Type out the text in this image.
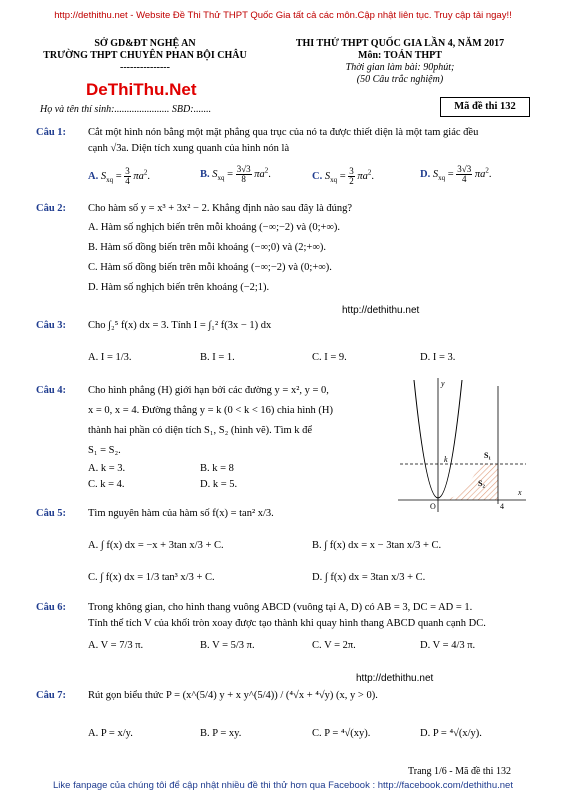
http://dethithu.net - Website Đề Thi Thử THPT Quốc Gia tất cả các môn.Cập nhật liên tục. Truy cập tải ngay!!
SỞ GD&ĐT NGHỆ AN
TRƯỜNG THPT CHUYÊN PHAN BỘI CHÂU
---------------
THI THỬ THPT QUỐC GIA LẦN 4, NĂM 2017
Môn: TOÁN THPT
Thời gian làm bài: 90phút;
(50 Câu trắc nghiệm)
DeThiThu.Net
Họ và tên thí sinh:...................... SBD:.......	Mã đề thi 132
Câu 1: Cắt một hình nón bằng một mặt phẳng qua trục của nó ta được thiết diện là một tam giác đều
cạnh √3a. Diện tích xung quanh của hình nón là
A. $S_{xq} = \frac{3}{4} \pi a^2$.	B. $S_{xq} = \frac{3√3}{8} \pi a^2$.	C. $S_{xq} = \frac{3}{2} \pi a^2$.	D. $S_{xq} = \frac{3√3}{4} \pi a^2$.
Câu 2: Cho hàm số y = x³ + 3x² − 2. Khẳng định nào sau đây là đúng?
A. Hàm số nghịch biến trên mỗi khoảng (−∞;−2) và (0;+∞).
B. Hàm số đồng biến trên mỗi khoảng (−∞;0) và (2;+∞).
C. Hàm số đồng biến trên mỗi khoảng (−∞;−2) và (0;+∞).
D. Hàm số nghịch biến trên khoảng (−2;1).
http://dethithu.net
Câu 3: Cho ∫₂⁵ f(x) dx = 3. Tính I = ∫₁² f(3x − 1) dx
A. I = 1/3.	B. I = 1.	C. I = 9.	D. I = 3.
Câu 4: Cho hình phẳng (H) giới hạn bởi các đường y = x², y = 0,
x = 0, x = 4. Đường thẳng y = k (0 < k < 16) chia hình (H)
thành hai phần có diện tích S₁, S₂ (hình vẽ). Tìm k để
S₁ = S₂.
A. k = 3.	B. k = 8
C. k = 4.	D. k = 5.
y
x
k	S₁
S₂
4
O
Câu 5: Tìm nguyên hàm của hàm số f(x) = tan² x/3.
A. ∫ f(x) dx = −x + 3tan x/3 + C.	B. ∫ f(x) dx = x − 3tan x/3 + C.
C. ∫ f(x) dx = 1/3 tan³ x/3 + C.	D. ∫ f(x) dx = 3tan x/3 + C.
Câu 6: Trong không gian, cho hình thang vuông ABCD (vuông tại A, D) có AB = 3, DC = AD = 1.
Tính thể tích V của khối tròn xoay được tạo thành khi quay hình thang ABCD quanh cạnh DC.
A. V = 7/3 π.	B. V = 5/3 π.	C. V = 2π.	D. V = 4/3 π.
http://dethithu.net
Câu 7: Rút gọn biểu thức P = (x^(5/4) y + x y^(5/4)) / (⁴√x + ⁴√y) (x, y > 0).
A. P = x/y.	B. P = xy.	C. P = ⁴√(xy).	D. P = ⁴√(x/y).
Trang 1/6 - Mã đề thi 132
Like fanpage của chúng tôi để cập nhật nhiều đề thi thử hơn qua Facebook : http://facebook.com/dethithu.net
